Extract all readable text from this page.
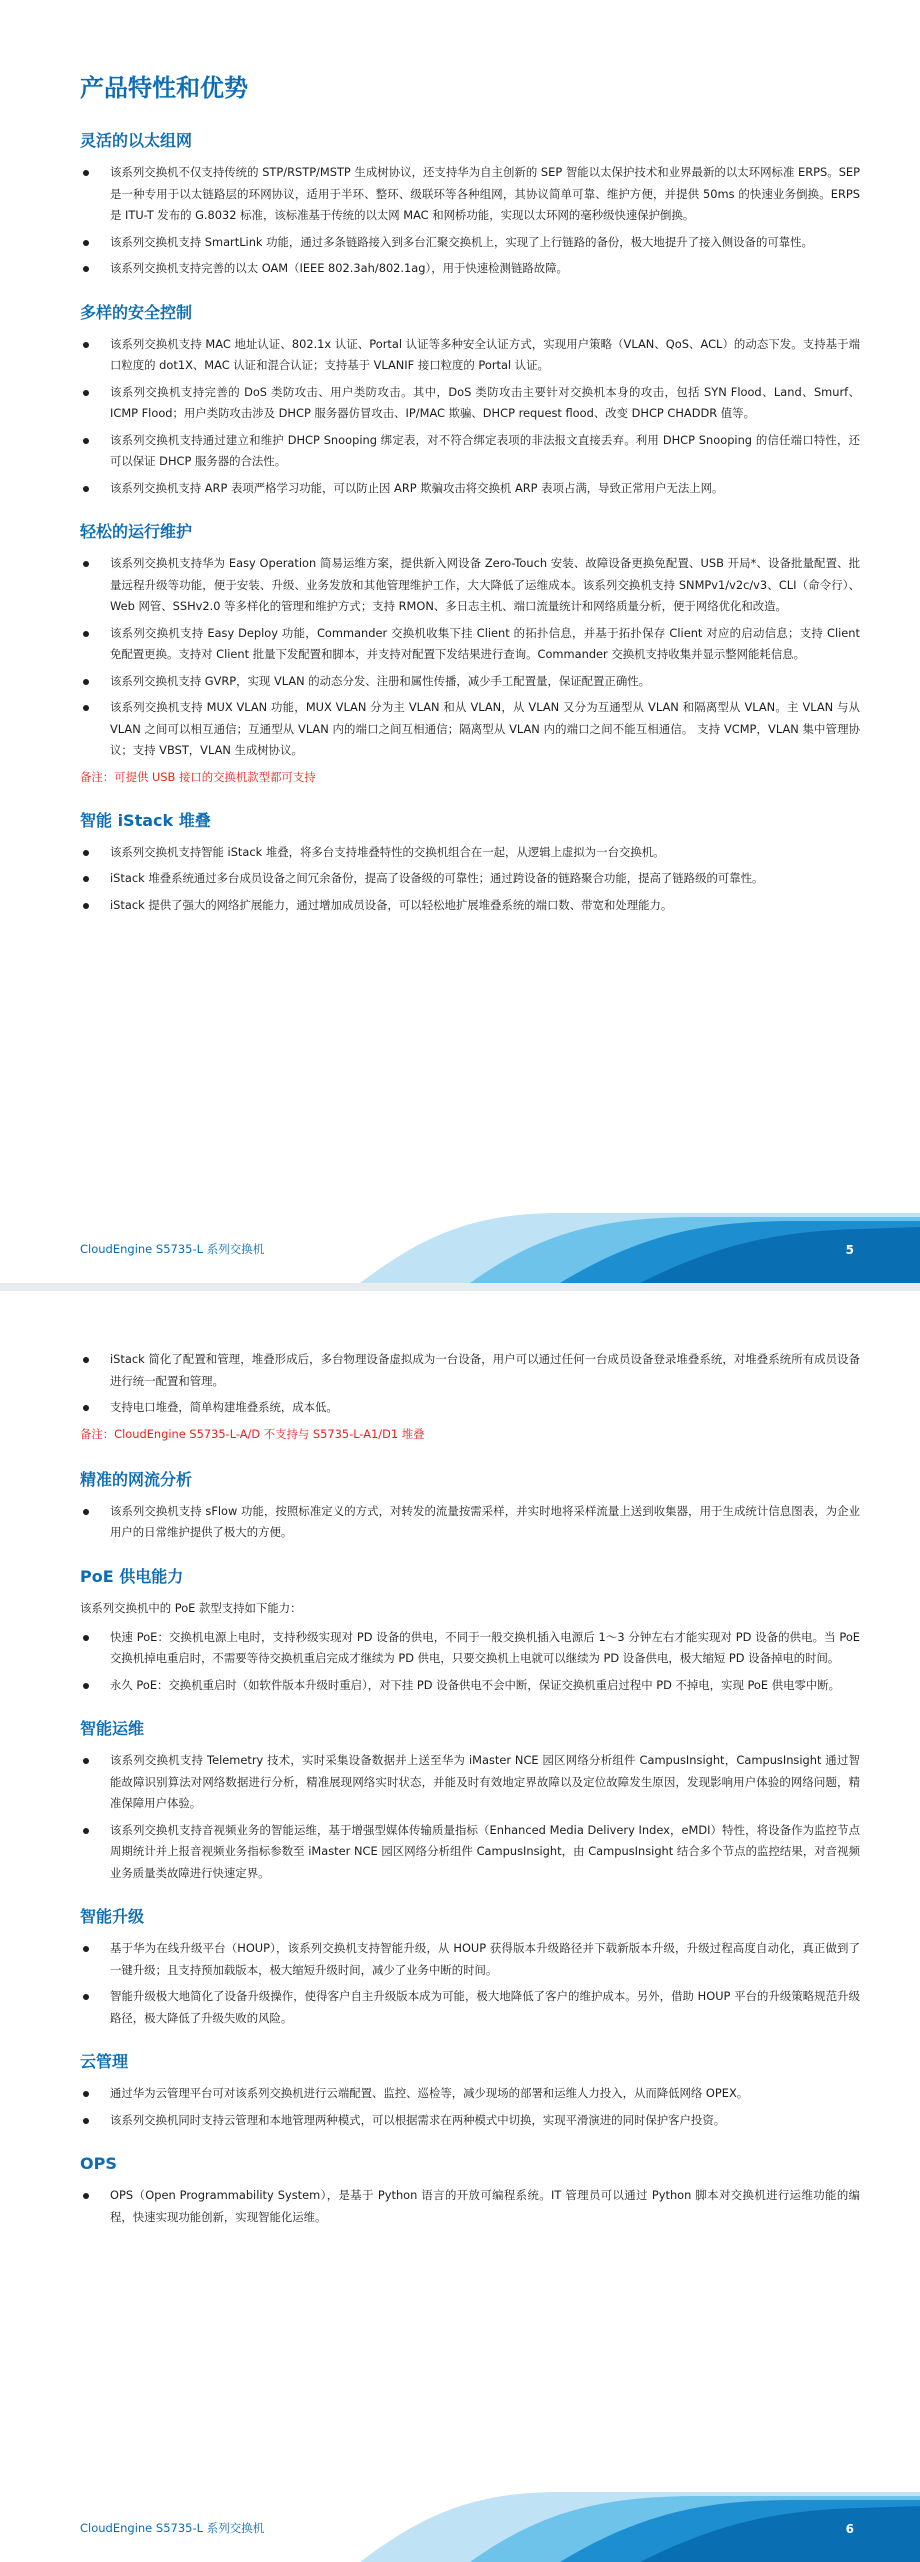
产品特性和优势
灵活的以太组网
该系列交换机不仅支持传统的 STP/RSTP/MSTP 生成树协议，还支持华为自主创新的 SEP 智能以太保护技术和业界最新的以太环网标准 ERPS。SEP 是一种专用于以太链路层的环网协议，适用于半环、整环、级联环等各种组网，其协议简单可靠、维护方便，并提供 50ms 的快速业务倒换。ERPS 是 ITU-T 发布的 G.8032 标准，该标准基于传统的以太网 MAC 和网桥功能，实现以太环网的毫秒级快速保护倒换。
该系列交换机支持 SmartLink 功能，通过多条链路接入到多台汇聚交换机上，实现了上行链路的备份，极大地提升了接入侧设备的可靠性。
该系列交换机支持完善的以太 OAM（IEEE 802.3ah/802.1ag），用于快速检测链路故障。
多样的安全控制
该系列交换机支持 MAC 地址认证、802.1x 认证、Portal 认证等多种安全认证方式，实现用户策略（VLAN、QoS、ACL）的动态下发。支持基于端口粒度的 dot1X、MAC 认证和混合认证；支持基于 VLANIF 接口粒度的 Portal 认证。
该系列交换机支持完善的 DoS 类防攻击、用户类防攻击。其中，DoS 类防攻击主要针对交换机本身的攻击，包括 SYN Flood、Land、Smurf、ICMP Flood；用户类防攻击涉及 DHCP 服务器仿冒攻击、IP/MAC 欺骗、DHCP request flood、改变 DHCP CHADDR 值等。
该系列交换机支持通过建立和维护 DHCP Snooping 绑定表，对不符合绑定表项的非法报文直接丢弃。利用 DHCP Snooping 的信任端口特性，还可以保证 DHCP 服务器的合法性。
该系列交换机支持 ARP 表项严格学习功能，可以防止因 ARP 欺骗攻击将交换机 ARP 表项占满，导致正常用户无法上网。
轻松的运行维护
该系列交换机支持华为 Easy Operation 简易运维方案，提供新入网设备 Zero-Touch 安装、故障设备更换免配置、USB 开局*、设备批量配置、批量远程升级等功能，便于安装、升级、业务发放和其他管理维护工作，大大降低了运维成本。该系列交换机支持 SNMPv1/v2c/v3、CLI（命令行）、Web 网管、SSHv2.0 等多样化的管理和维护方式；支持 RMON、多日志主机、端口流量统计和网络质量分析，便于网络优化和改造。
该系列交换机支持 Easy Deploy 功能，Commander 交换机收集下挂 Client 的拓扑信息，并基于拓扑保存 Client 对应的启动信息；支持 Client 免配置更换。支持对 Client 批量下发配置和脚本，并支持对配置下发结果进行查询。Commander 交换机支持收集并显示整网能耗信息。
该系列交换机支持 GVRP，实现 VLAN 的动态分发、注册和属性传播，减少手工配置量，保证配置正确性。
该系列交换机支持 MUX VLAN 功能，MUX VLAN 分为主 VLAN 和从 VLAN，从 VLAN 又分为互通型从 VLAN 和隔离型从 VLAN。主 VLAN 与从 VLAN 之间可以相互通信；互通型从 VLAN 内的端口之间互相通信；隔离型从 VLAN 内的端口之间不能互相通信。 支持 VCMP，VLAN 集中管理协议；支持 VBST，VLAN 生成树协议。

备注：可提供 USB 接口的交换机款型都可支持

智能 iStack 堆叠
该系列交换机支持智能 iStack 堆叠，将多台支持堆叠特性的交换机组合在一起，从逻辑上虚拟为一台交换机。
iStack 堆叠系统通过多台成员设备之间冗余备份，提高了设备级的可靠性；通过跨设备的链路聚合功能，提高了链路级的可靠性。
iStack 提供了强大的网络扩展能力，通过增加成员设备，可以轻松地扩展堆叠系统的端口数、带宽和处理能力。
CloudEngine S5735-L 系列交换机	5
iStack 简化了配置和管理，堆叠形成后，多台物理设备虚拟成为一台设备，用户可以通过任何一台成员设备登录堆叠系统，对堆叠系统所有成员设备进行统一配置和管理。
支持电口堆叠，简单构建堆叠系统，成本低。

备注：CloudEngine S5735-L-A/D 不支持与 S5735-L-A1/D1 堆叠

精准的网流分析
该系列交换机支持 sFlow 功能，按照标准定义的方式，对转发的流量按需采样，并实时地将采样流量上送到收集器，用于生成统计信息图表，为企业用户的日常维护提供了极大的方便。
PoE 供电能力

该系列交换机中的 PoE 款型支持如下能力：

快速 PoE：交换机电源上电时，支持秒级实现对 PD 设备的供电，不同于一般交换机插入电源后 1～3 分钟左右才能实现对 PD 设备的供电。当 PoE 交换机掉电重启时，不需要等待交换机重启完成才继续为 PD 供电，只要交换机上电就可以继续为 PD 设备供电，极大缩短 PD 设备掉电的时间。
永久 PoE：交换机重启时（如软件版本升级时重启），对下挂 PD 设备供电不会中断，保证交换机重启过程中 PD 不掉电，实现 PoE 供电零中断。
智能运维
该系列交换机支持 Telemetry 技术，实时采集设备数据并上送至华为 iMaster NCE 园区网络分析组件 CampusInsight，CampusInsight 通过智能故障识别算法对网络数据进行分析，精准展现网络实时状态，并能及时有效地定界故障以及定位故障发生原因，发现影响用户体验的网络问题，精准保障用户体验。
该系列交换机支持音视频业务的智能运维，基于增强型媒体传输质量指标（Enhanced Media Delivery Index，eMDI）特性，将设备作为监控节点周期统计并上报音视频业务指标参数至 iMaster NCE 园区网络分析组件 CampusInsight，由 CampusInsight 结合多个节点的监控结果，对音视频业务质量类故障进行快速定界。
智能升级
基于华为在线升级平台（HOUP），该系列交换机支持智能升级，从 HOUP 获得版本升级路径并下载新版本升级，升级过程高度自动化，真正做到了一键升级；且支持预加载版本，极大缩短升级时间，减少了业务中断的时间。
智能升级极大地简化了设备升级操作，使得客户自主升级版本成为可能，极大地降低了客户的维护成本。另外，借助 HOUP 平台的升级策略规范升级路径，极大降低了升级失败的风险。
云管理
通过华为云管理平台可对该系列交换机进行云端配置、监控、巡检等，减少现场的部署和运维人力投入，从而降低网络 OPEX。
该系列交换机同时支持云管理和本地管理两种模式，可以根据需求在两种模式中切换，实现平滑演进的同时保护客户投资。
OPS
OPS（Open Programmability System），是基于 Python 语言的开放可编程系统。IT 管理员可以通过 Python 脚本对交换机进行运维功能的编程，快速实现功能创新，实现智能化运维。
CloudEngine S5735-L 系列交换机	6
